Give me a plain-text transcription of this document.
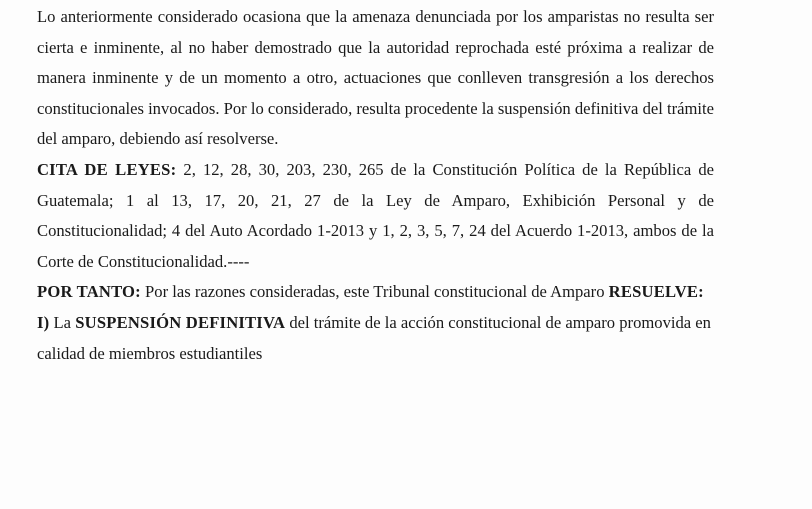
Lo anteriormente considerado ocasiona que la amenaza denunciada por los amparistas no resulta ser cierta e inminente, al no haber demostrado que la autoridad reprochada esté próxima a realizar de manera inminente y de un momento a otro, actuaciones que conlleven transgresión a los derechos constitucionales invocados. Por lo considerado, resulta procedente la suspensión definitiva del trámite del amparo, debiendo así resolverse.

CITA DE LEYES: 2, 12, 28, 30, 203, 230, 265 de la Constitución Política de la República de Guatemala; 1 al 13, 17, 20, 21, 27 de la Ley de Amparo, Exhibición Personal y de Constitucionalidad; 4 del Auto Acordado 1-2013 y 1, 2, 3, 5, 7, 24 del Acuerdo 1-2013, ambos de la Corte de Constitucionalidad.----

POR TANTO: Por las razones consideradas, este Tribunal constitucional de Amparo RESUELVE: I) La SUSPENSIÓN DEFINITIVA del trámite de la acción constitucional de amparo promovida en calidad de miembros estudiantiles
